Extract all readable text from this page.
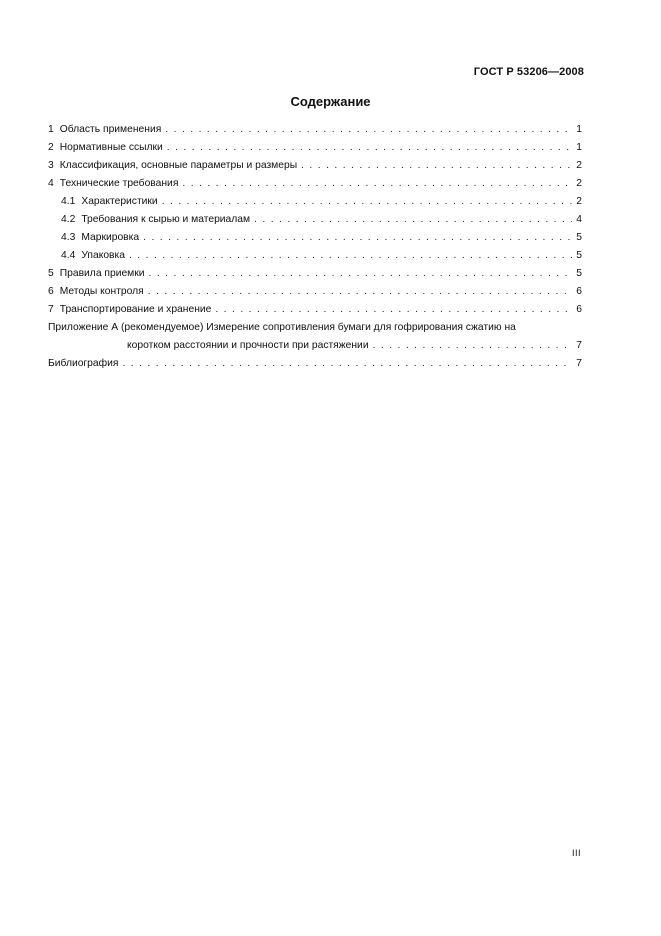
ГОСТ Р 53206—2008
Содержание
1 Область применения . . .	1
2 Нормативные ссылки . . .	1
3 Классификация, основные параметры и размеры . . .	2
4 Технические требования . . .	2
4.1 Характеристики . . .	2
4.2 Требования к сырью и материалам . . .	4
4.3 Маркировка . . .	5
4.4 Упаковка . . .	5
5 Правила приемки . . .	5
6 Методы контроля . . .	6
7 Транспортирование и хранение . . .	6
Приложение А (рекомендуемое) Измерение сопротивления бумаги для гофрирования сжатию на
коротком расстоянии и прочности при растяжении . . .	7
Библиография . . .	7
III
